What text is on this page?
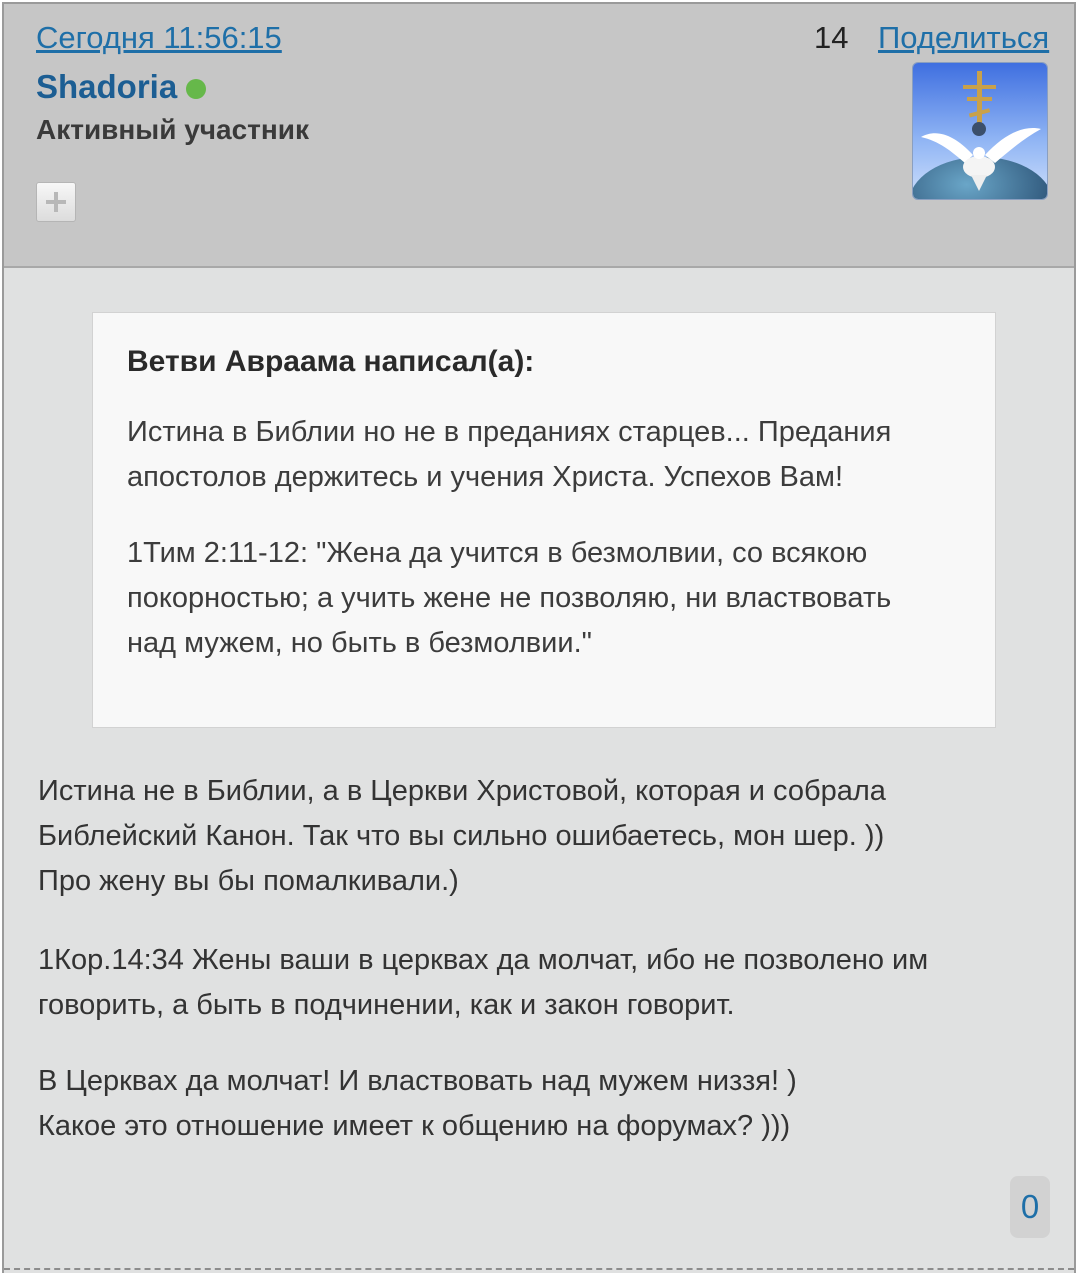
Сегодня 11:56:15	14 Поделиться
Shadoria
Активный участник
Ветви Авраама написал(а):
Истина в Библии но не в преданиях старцев... Предания
апостолов держитесь и учения Христа. Успехов Вам!
1Тим 2:11-12: "Жена да учится в безмолвии, со всякою
покорностью; а учить жене не позволяю, ни властвовать
над мужем, но быть в безмолвии."
Истина не в Библии, а в Церкви Христовой, которая и собрала
Библейский Канон. Так что вы сильно ошибаетесь, мон шер. ))
Про жену вы бы помалкивали.)
1Кор.14:34 Жены ваши в церквах да молчат, ибо не позволено им
говорить, а быть в подчинении, как и закон говорит.
В Церквах да молчат! И властвовать над мужем низзя! )
Какое это отношение имеет к общению на форумах? )))
0
